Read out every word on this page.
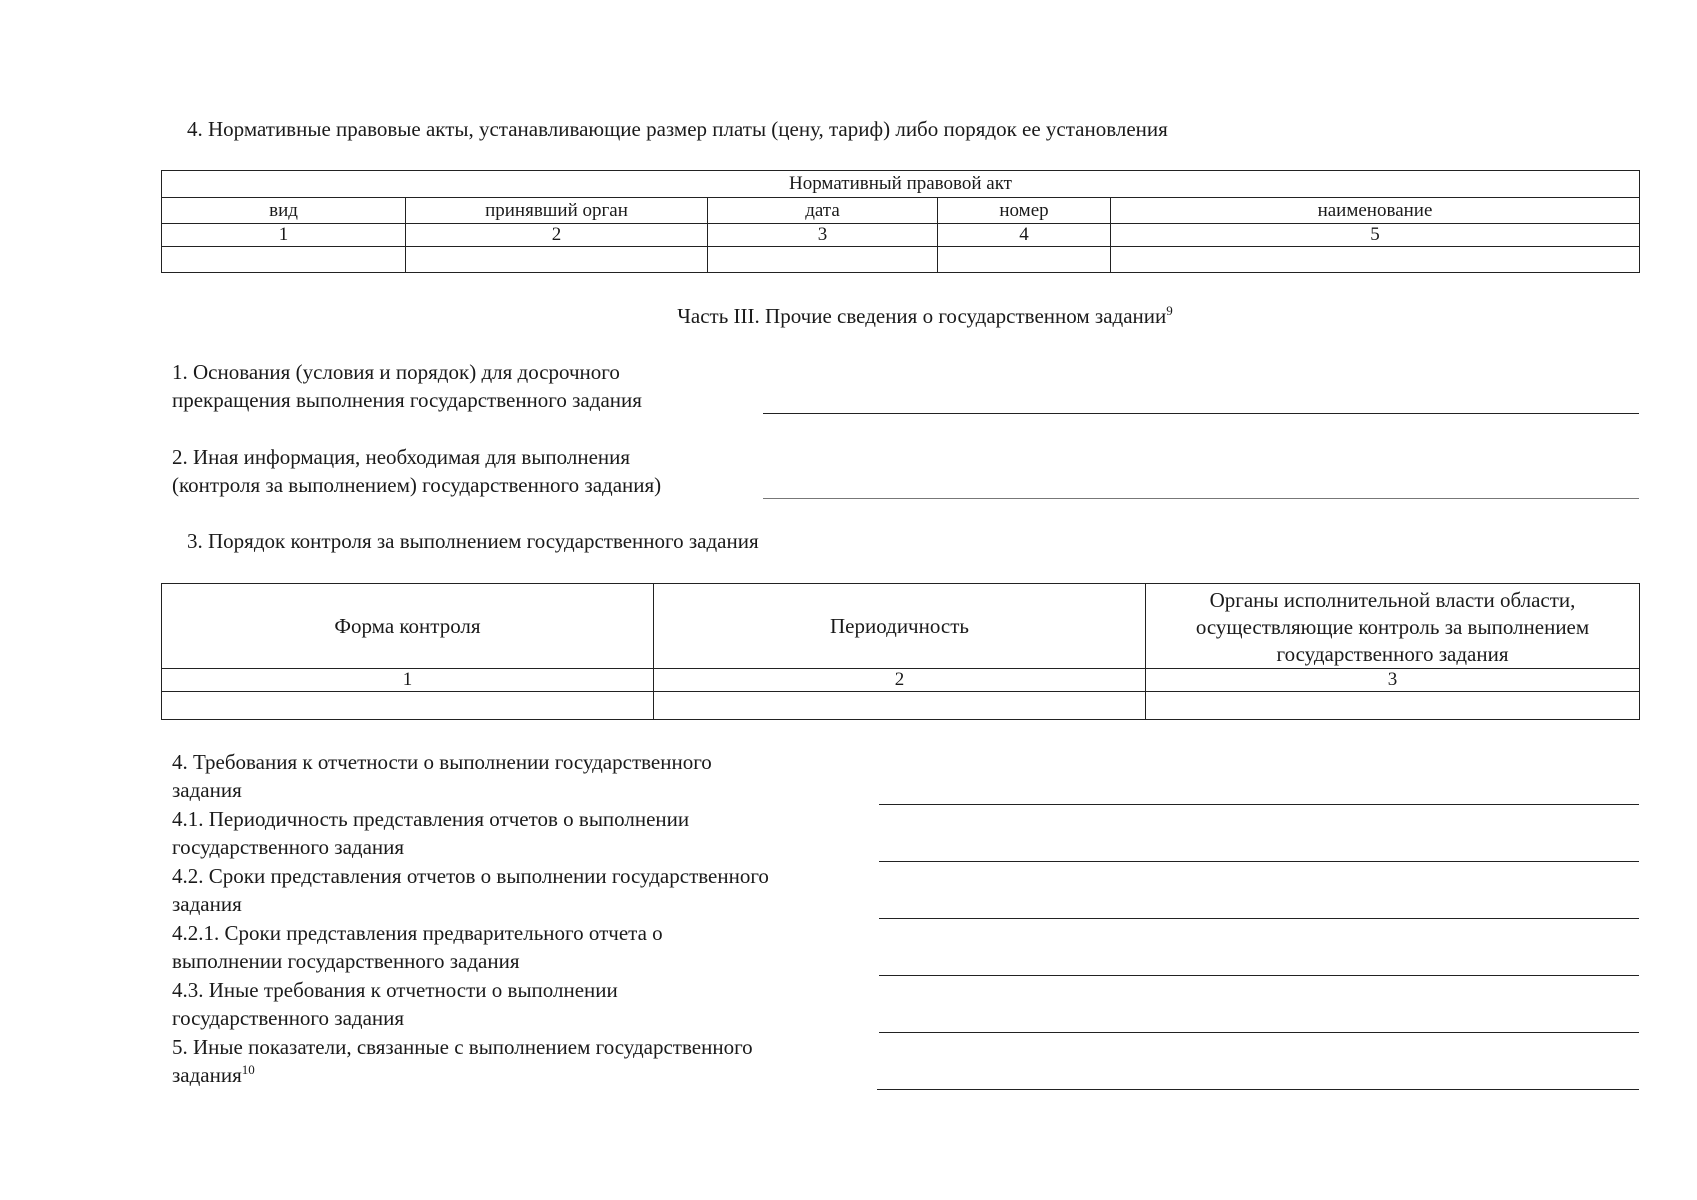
4. Нормативные правовые акты, устанавливающие размер платы (цену, тариф) либо порядок ее установления
Нормативный правовой акт				
вид	принявший орган	дата	номер	наименование
1	2	3	4	5

Часть III. Прочие сведения о государственном задании$^9$
1. Основания (условия и порядок) для досрочного
прекращения выполнения государственного задания
2. Иная информация, необходимая для выполнения
(контроля за выполнением) государственного задания)
3. Порядок контроля за выполнением государственного задания
Форма контроля	Периодичность	Органы исполнительной власти области, осуществляющие контроль за выполнением государственного задания
1	2	3

4. Требования к отчетности о выполнении государственного
задания
4.1. Периодичность представления отчетов о выполнении
государственного задания
4.2. Сроки представления отчетов о выполнении государственного
задания
4.2.1. Сроки представления предварительного отчета о
выполнении государственного задания
4.3. Иные требования к отчетности о выполнении
государственного задания
5. Иные показатели, связанные с выполнением государственного
задания$^{10}$
